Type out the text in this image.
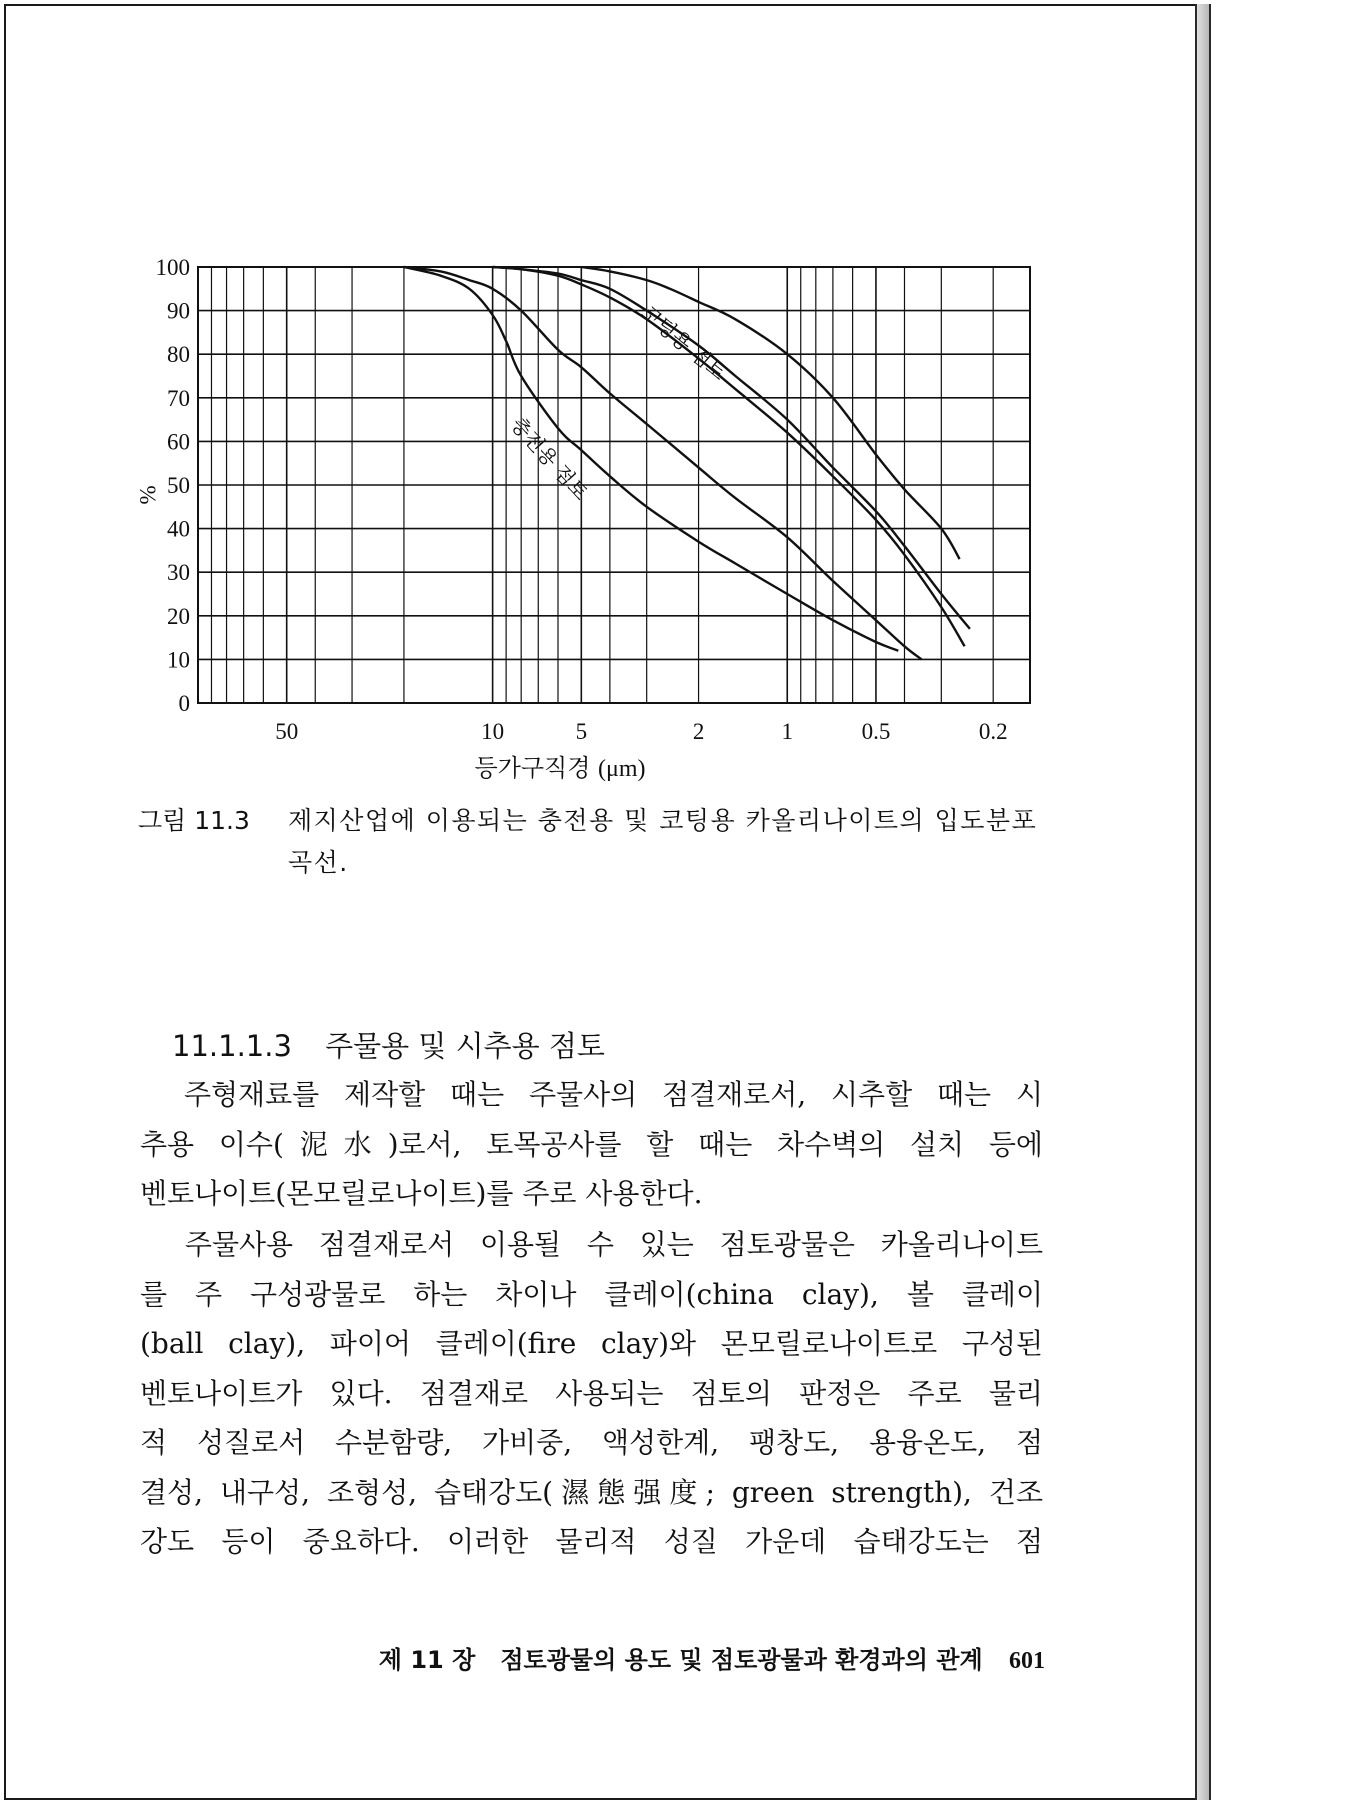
100
90
80
70
60
50
40
30
20
10
0
50	10	5	2	1	0.5	0.2
%
코팅용 점토
충전용 점토
등가구직경 (μm)
그림 11.3 제지산업에 이용되는 충전용 및 코팅용 카올리나이트의 입도분포 곡선.
11.1.1.3 주물용 및 시추용 점토
　주형재료를 제작할 때는 주물사의 점결재로서, 시추할 때는 시
추용 이수(泥水)로서, 토목공사를 할 때는 차수벽의 설치 등에
벤토나이트(몬모릴로나이트)를 주로 사용한다.
　주물사용 점결재로서 이용될 수 있는 점토광물은 카올리나이트
를 주 구성광물로 하는 차이나 클레이(china clay), 볼 클레이
(ball clay), 파이어 클레이(fire clay)와 몬모릴로나이트로 구성된
벤토나이트가 있다. 점결재로 사용되는 점토의 판정은 주로 물리
적 성질로서 수분함량, 가비중, 액성한계, 팽창도, 용융온도, 점
결성, 내구성, 조형성, 습태강도(濕態强度; green strength), 건조
강도 등이 중요하다. 이러한 물리적 성질 가운데 습태강도는 점
제 11 장 점토광물의 용도 및 점토광물과 환경과의 관계 601
